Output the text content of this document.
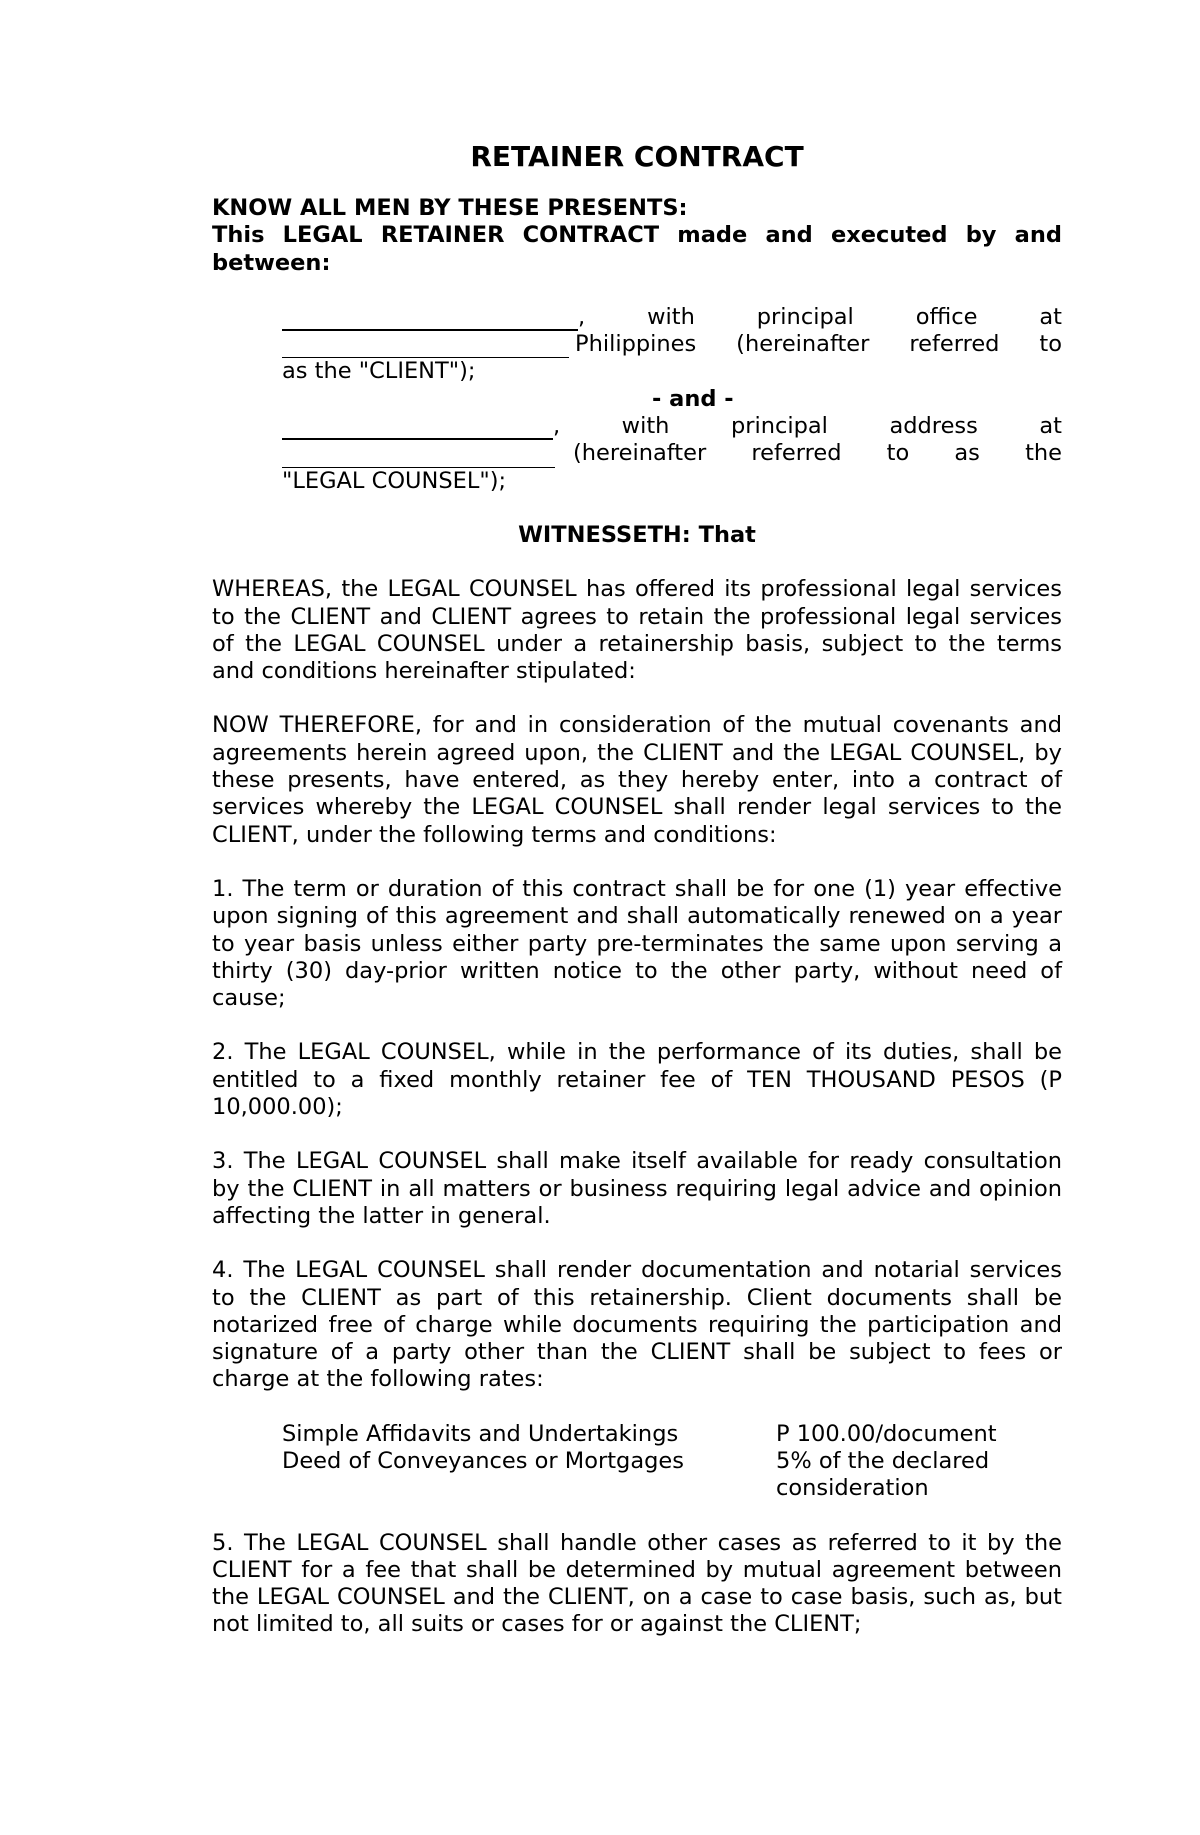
RETAINER CONTRACT

KNOW ALL MEN BY THESE PRESENTS:

This LEGAL RETAINER CONTRACT made and executed by and

between:

, with principal office at
Philippines (hereinafter referred to
as the "CLIENT");
- and -
, with principal address at
(hereinafter referred to as the
"LEGAL COUNSEL");
WITNESSETH: That

WHEREAS, the LEGAL COUNSEL has offered its professional legal services to the CLIENT and CLIENT agrees to retain the professional legal services of the LEGAL COUNSEL under a retainership basis, subject to the terms and conditions hereinafter stipulated:

NOW THEREFORE, for and in consideration of the mutual covenants and agreements herein agreed upon, the CLIENT and the LEGAL COUNSEL, by these presents, have entered, as they hereby enter, into a contract of services whereby the LEGAL COUNSEL shall render legal services to the CLIENT, under the following terms and conditions:

1. The term or duration of this contract shall be for one (1) year effective upon signing of this agreement and shall automatically renewed on a year to year basis unless either party pre-terminates the same upon serving a thirty (30) day-prior written notice to the other party, without need of cause;

2. The LEGAL COUNSEL, while in the performance of its duties, shall be entitled to a fixed monthly retainer fee of TEN THOUSAND PESOS (P 10,000.00);

3. The LEGAL COUNSEL shall make itself available for ready consultation by the CLIENT in all matters or business requiring legal advice and opinion affecting the latter in general.

4. The LEGAL COUNSEL shall render documentation and notarial services to the CLIENT as part of this retainership. Client documents shall be notarized free of charge while documents requiring the participation and signature of a party other than the CLIENT shall be subject to fees or charge at the following rates:

Simple Affidavits and Undertakings	P 100.00/document
Deed of Conveyances or Mortgages	5% of the declared
consideration

5. The LEGAL COUNSEL shall handle other cases as referred to it by the CLIENT for a fee that shall be determined by mutual agreement between the LEGAL COUNSEL and the CLIENT, on a case to case basis, such as, but not limited to, all suits or cases for or against the CLIENT;
